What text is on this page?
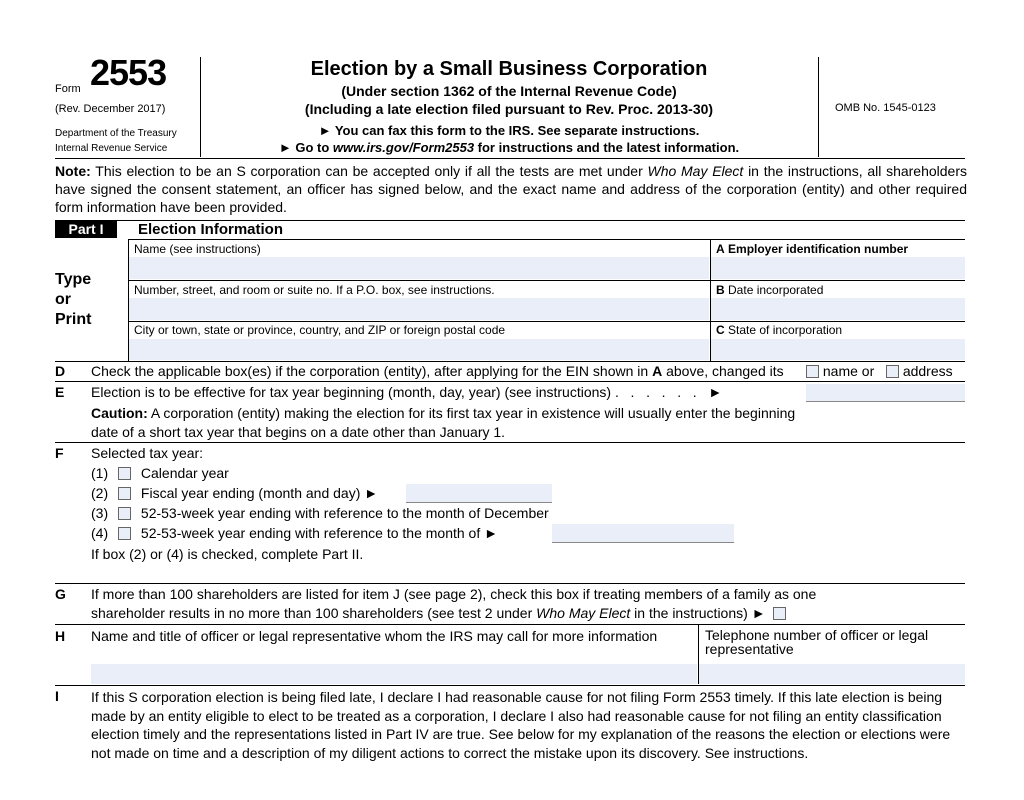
Form 2553
(Rev. December 2017)
Department of the Treasury
Internal Revenue Service
Election by a Small Business Corporation
(Under section 1362 of the Internal Revenue Code)
(Including a late election filed pursuant to Rev. Proc. 2013-30)
► You can fax this form to the IRS. See separate instructions.
► Go to www.irs.gov/Form2553 for instructions and the latest information.
OMB No. 1545-0123
Note: This election to be an S corporation can be accepted only if all the tests are met under Who May Elect in the instructions, all shareholders have signed the consent statement, an officer has signed below, and the exact name and address of the corporation (entity) and other required form information have been provided.
Part I	Election Information
Type
or
Print
Name (see instructions)	A Employer identification number
Number, street, and room or suite no. If a P.O. box, see instructions.	B Date incorporated
City or town, state or province, country, and ZIP or foreign postal code	C State of incorporation
D Check the applicable box(es) if the corporation (entity), after applying for the EIN shown in A above, changed its	name or address
E Election is to be effective for tax year beginning (month, day, year) (see instructions) .   .   .   .   .   .   ►
Caution: A corporation (entity) making the election for its first tax year in existence will usually enter the beginning date of a short tax year that begins on a date other than January 1.
F Selected tax year:
(1) Calendar year
(2) Fiscal year ending (month and day) ►
(3) 52-53-week year ending with reference to the month of December
(4) 52-53-week year ending with reference to the month of ►
If box (2) or (4) is checked, complete Part II.
G If more than 100 shareholders are listed for item J (see page 2), check this box if treating members of a family as one
shareholder results in no more than 100 shareholders (see test 2 under Who May Elect in the instructions) ►
H Name and title of officer or legal representative whom the IRS may call for more information	Telephone number of officer or legal representative
I If this S corporation election is being filed late, I declare I had reasonable cause for not filing Form 2553 timely. If this late election is being made by an entity eligible to elect to be treated as a corporation, I declare I also had reasonable cause for not filing an entity classification election timely and the representations listed in Part IV are true. See below for my explanation of the reasons the election or elections were not made on time and a description of my diligent actions to correct the mistake upon its discovery. See instructions.
